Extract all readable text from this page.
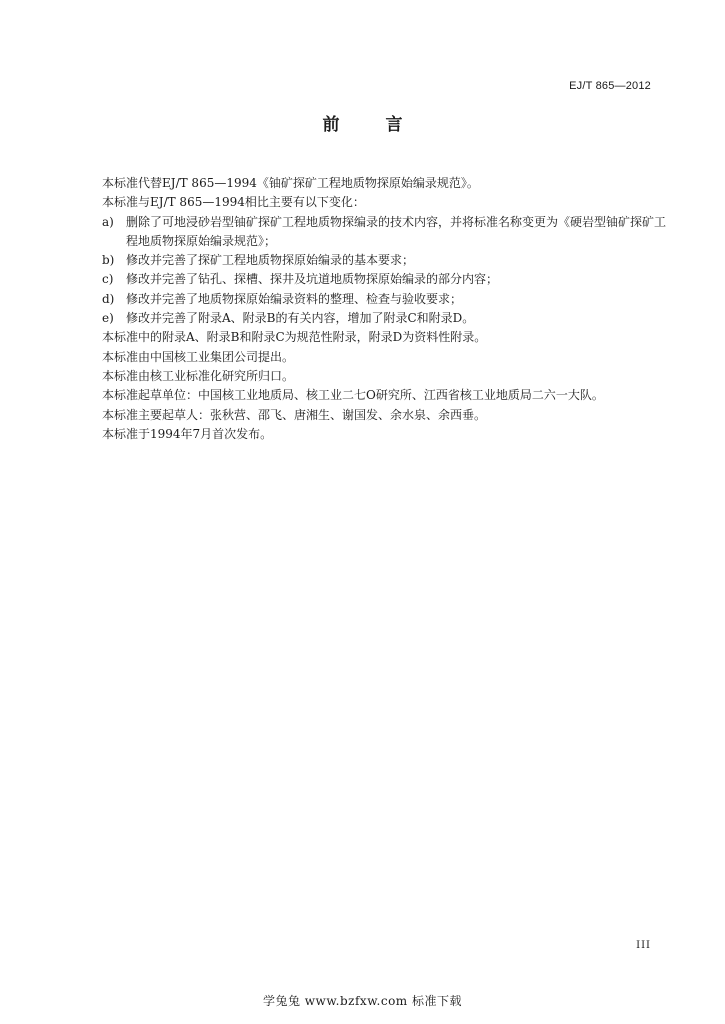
EJ/T 865—2012
前 言
本标准代替EJ/T 865—1994《铀矿探矿工程地质物探原始编录规范》。
本标准与EJ/T 865—1994相比主要有以下变化：
a)	删除了可地浸砂岩型铀矿探矿工程地质物探编录的技术内容，并将标准名称变更为《硬岩型铀矿探矿工程地质物探原始编录规范》；
b) 修改并完善了探矿工程地质物探原始编录的基本要求；
c)	修改并完善了钻孔、探槽、探井及坑道地质物探原始编录的部分内容；
d) 修改并完善了地质物探原始编录资料的整理、检查与验收要求；
e)	修改并完善了附录A、附录B的有关内容，增加了附录C和附录D。
本标准中的附录A、附录B和附录C为规范性附录，附录D为资料性附录。
本标准由中国核工业集团公司提出。
本标准由核工业标准化研究所归口。
本标准起草单位：中国核工业地质局、核工业二七O研究所、江西省核工业地质局二六一大队。
本标准主要起草人：张秋营、邵飞、唐湘生、谢国发、余水泉、余西垂。
本标准于1994年7月首次发布。
III
学兔兔 www.bzfxw.com 标准下载
